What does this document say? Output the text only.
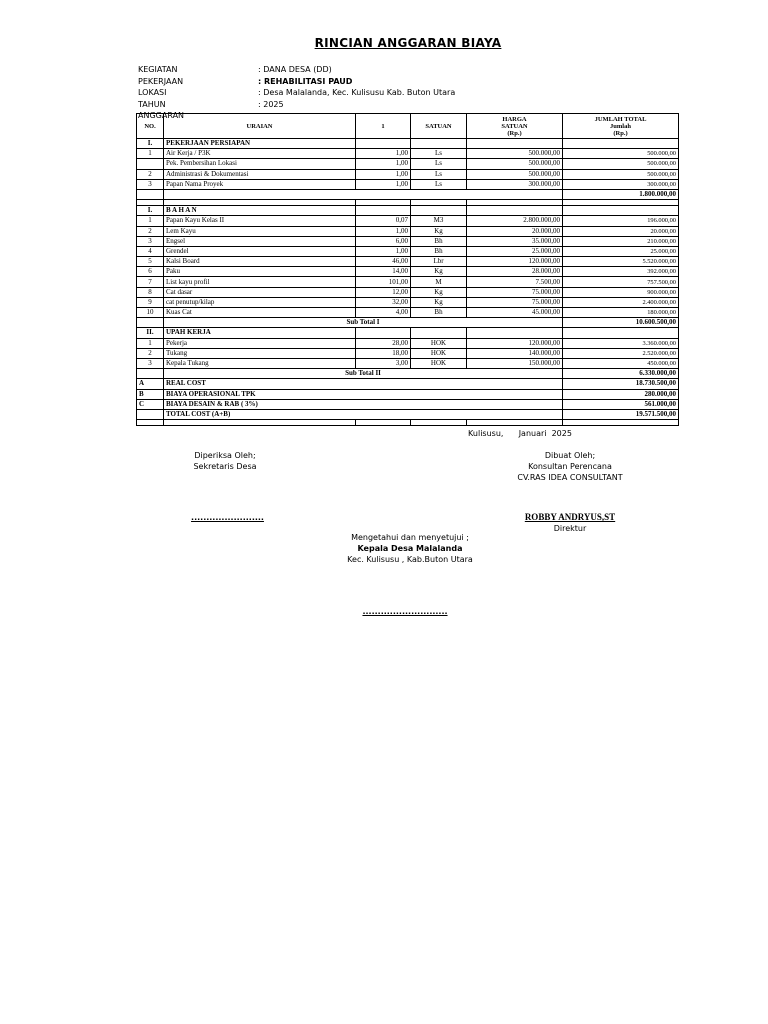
RINCIAN ANGGARAN BIAYA
KEGIATAN	: DANA DESA (DD)
PEKERJAAN	: REHABILITASI PAUD
LOKASI	: Desa Malalanda, Kec. Kulisusu Kab. Buton Utara
TAHUN ANGGARAN
: 2025
NO.	URAIAN	1	SATUAN	HARGA
SATUAN
(Rp.)	JUMLAH TOTAL
Jumlah
(Rp.)
I.	PEKERJAAN PERSIAPAN				
1	Air Kerja / P3K	1,00	Ls	500.000,00	500.000,00
	Pek. Pembersihan Lokasi	1,00	Ls	500.000,00	500.000,00
2	Administrasi & Dokumentasi	1,00	Ls	500.000,00	500.000,00
3	Papan Nama Proyek	1,00	Ls	300.000,00	300.000,00
					1.800.000,00

I.	B A H A N				
1	Papan Kayu Kelas II	0,07	M3	2.800.000,00	196.000,00
2	Lem Kayu	1,00	Kg	20.000,00	20.000,00
3	Engsel	6,00	Bh	35.000,00	210.000,00
4	Grendel	1,00	Bh	25.000,00	25.000,00
5	Kalsi Board	46,00	Lbr	120.000,00	5.520.000,00
6	Paku	14,00	Kg	28.000,00	392.000,00
7	List kayu profil	101,00	M	7.500,00	757.500,00
8	Cat dasar	12,00	Kg	75.000,00	900.000,00
9	cat penutup/kilap	32,00	Kg	75.000,00	2.400.000,00
10	Kuas Cat	4,00	Bh	45.000,00	180.000,00
	Sub Total I				10.600.500,00
II.	UPAH KERJA				
1	Pekerja	28,00	HOK	120.000,00	3.360.000,00
2	Tukang	18,00	HOK	140.000,00	2.520.000,00
3	Kepala Tukang	3,00	HOK	150.000,00	450.000,00
	Sub Total II				6.330.000,00
A	REAL COST				18.730.500,00
B	BIAYA OPERASIONAL TPK				280.000,00
C	BIAYA DESAIN & RAB ( 3%)				561.000,00
	TOTAL COST (A+B)				19.571.500,00

Kulisusu,      Januari  2025
Diperiksa Oleh;
Sekretaris Desa
........................
Dibuat Oleh;
Konsultan Perencana
CV.RAS IDEA CONSULTANT
ROBBY ANDRYUS,ST
Direktur
Mengetahui dan menyetujui ;
Kepala Desa Malalanda
Kec. Kulisusu , Kab.Buton Utara
............................
